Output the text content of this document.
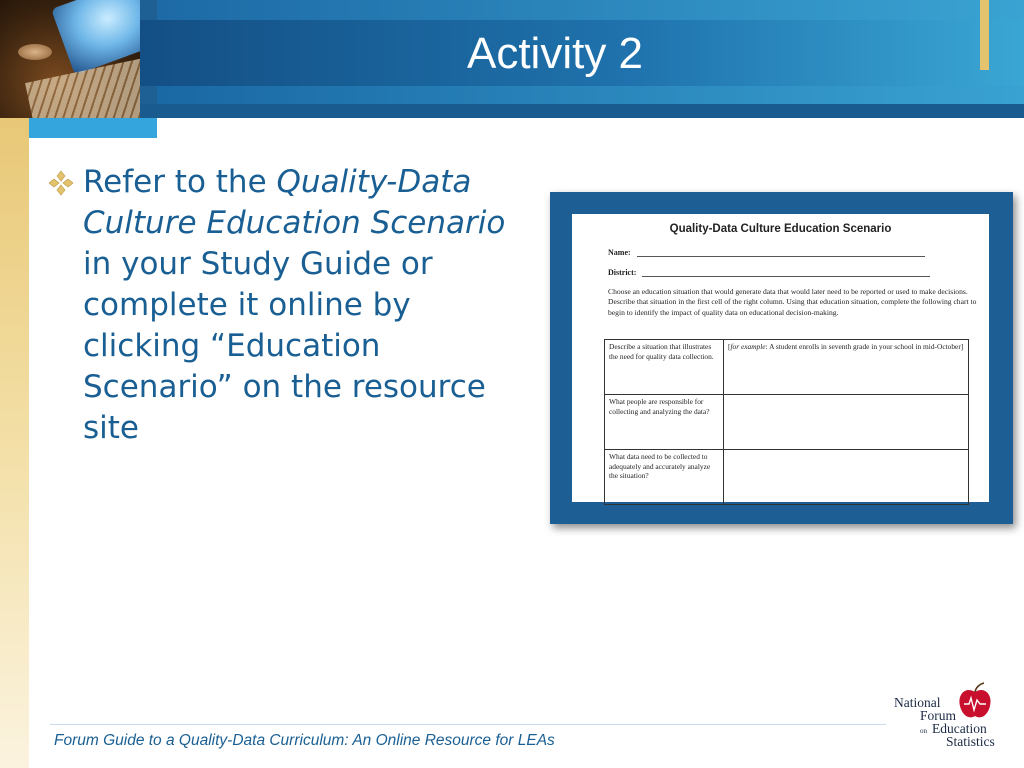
Activity 2
Refer to the Quality-Data Culture Education Scenario in your Study Guide or complete it online by clicking “Education Scenario” on the resource site
Quality-Data Culture Education Scenario
Name:
District:
Choose an education situation that would generate data that would later need to be reported or used to make decisions. Describe that situation in the first cell of the right column. Using that education situation, complete the following chart to begin to identify the impact of quality data on educational decision-making.
Describe a situation that illustrates the need for quality data collection.	[for example: A student enrolls in seventh grade in your school in mid-October]
What people are responsible for collecting and analyzing the data?	
What data need to be collected to adequately and accurately analyze the situation?	
Forum Guide to a Quality-Data Curriculum: An Online Resource for LEAs
National
Forum
on Education
Statistics
